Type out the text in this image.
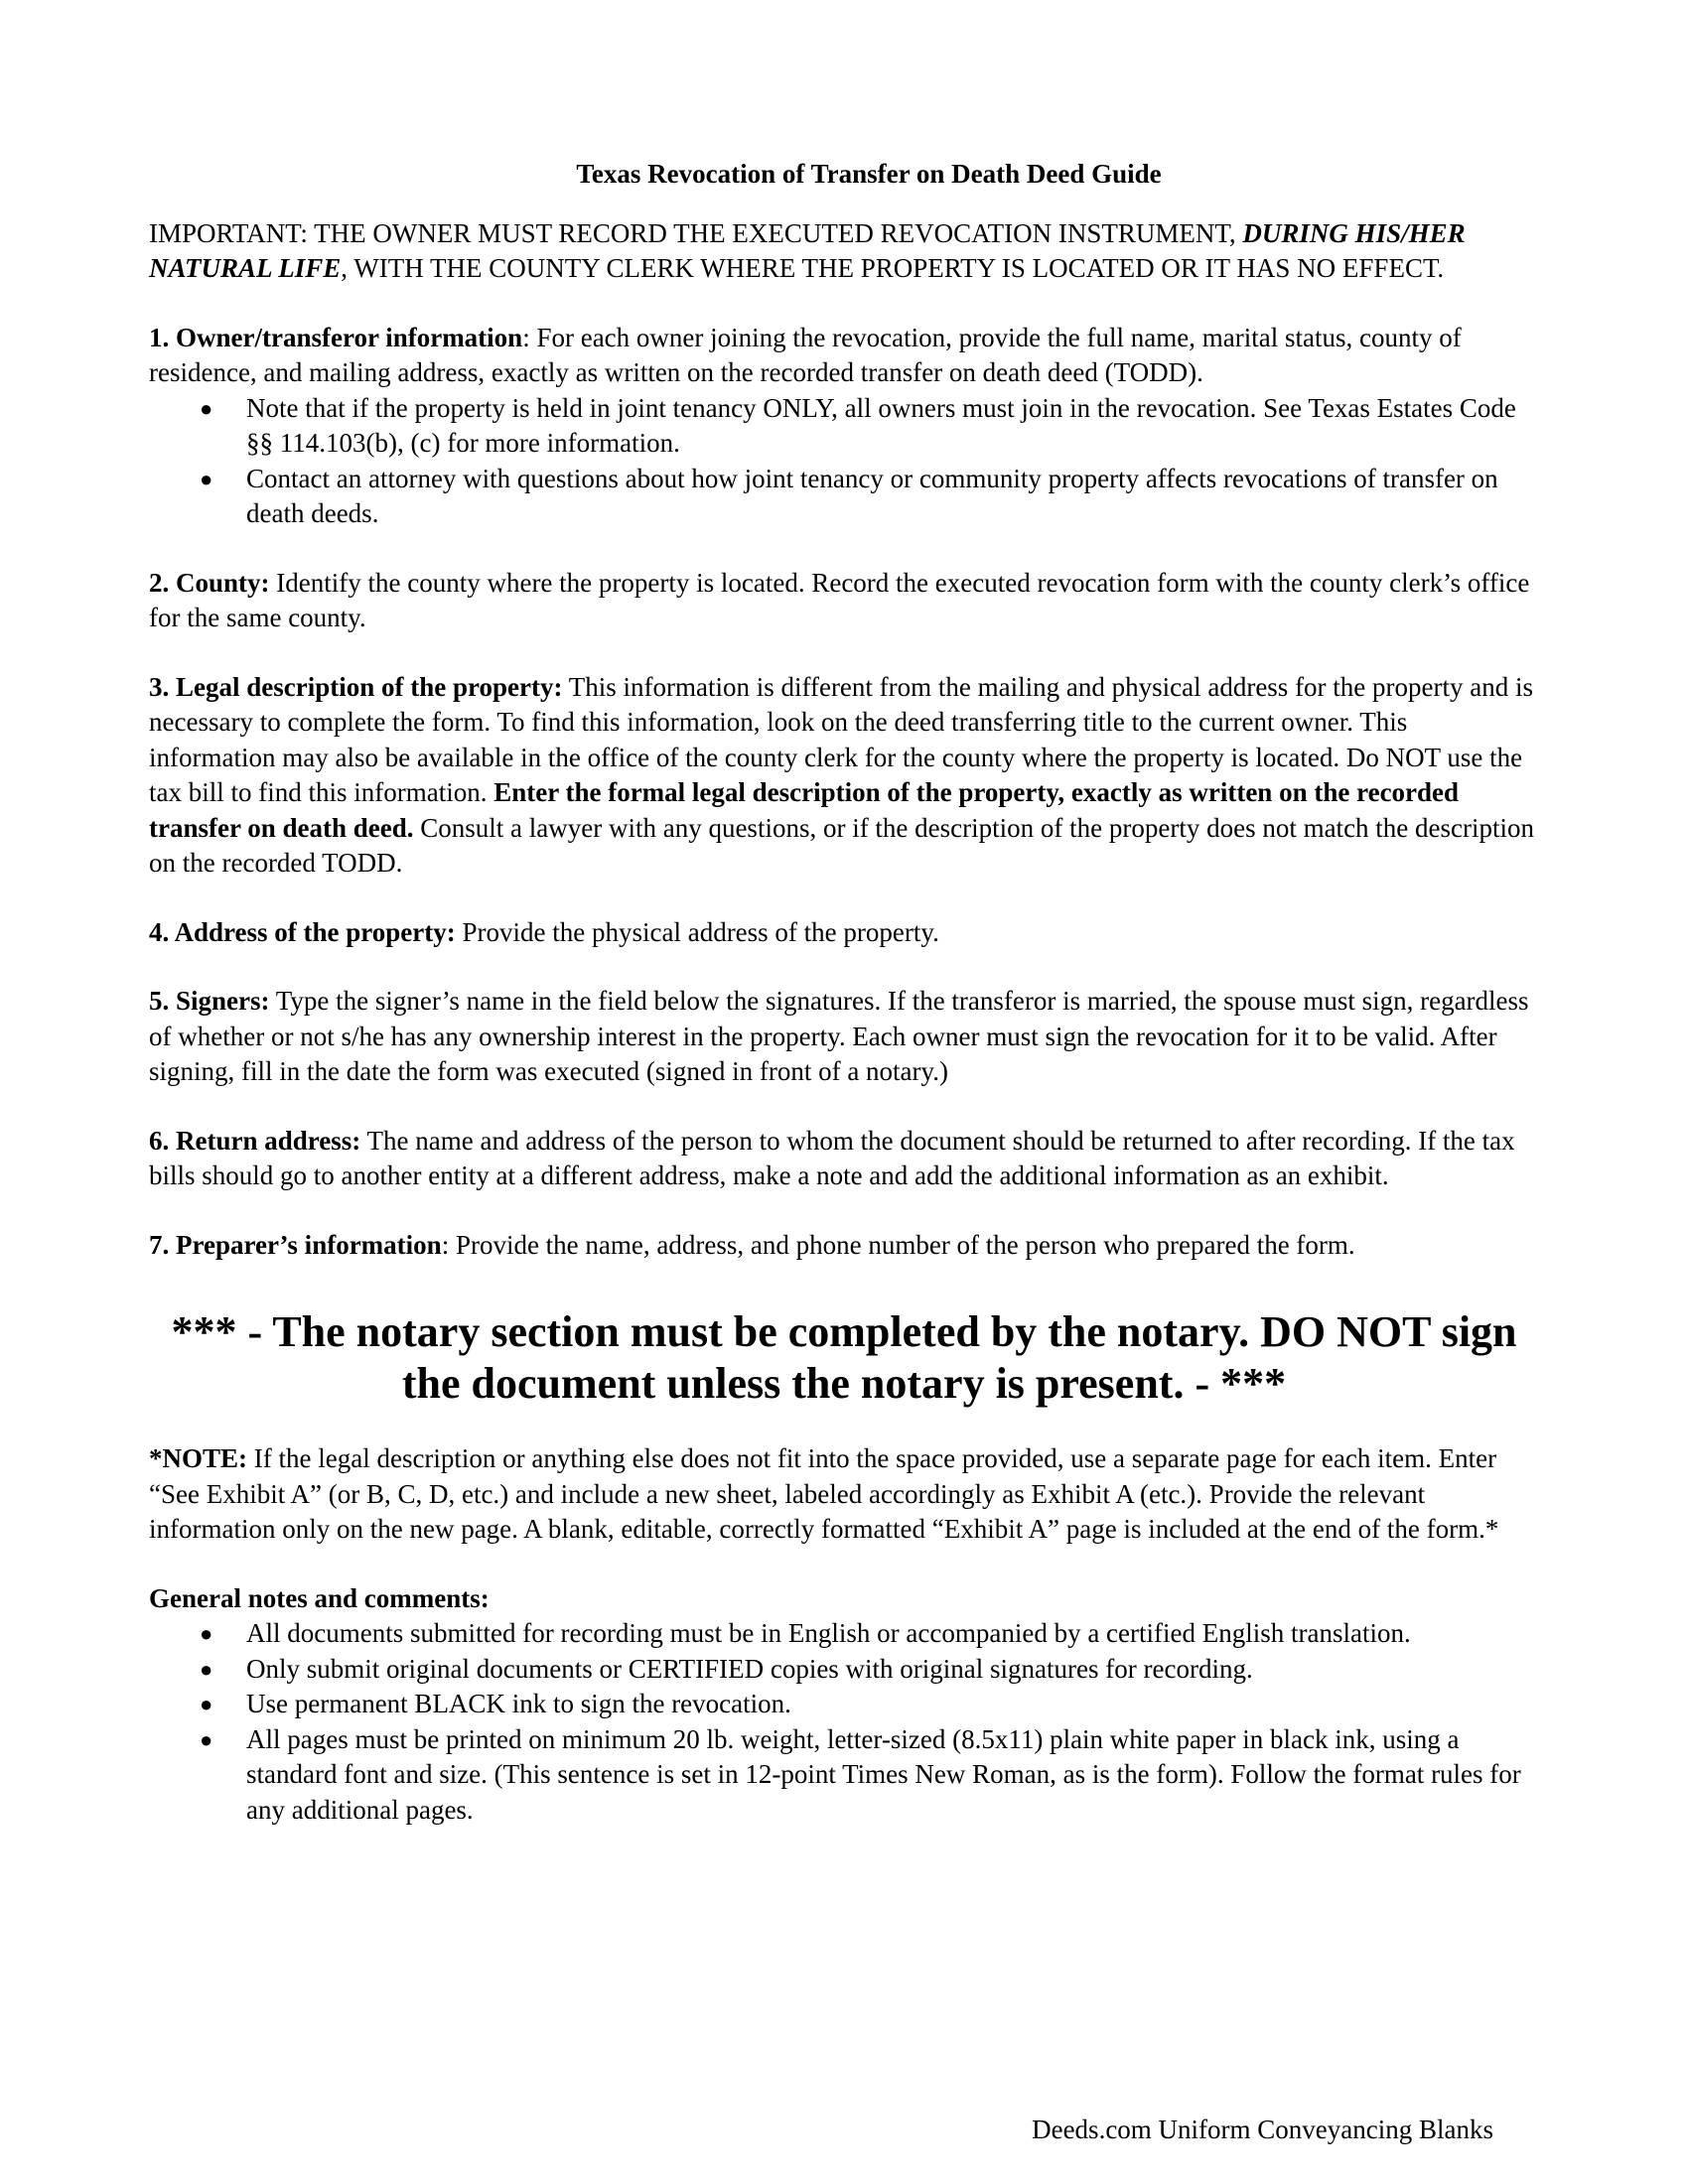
Texas Revocation of Transfer on Death Deed Guide

IMPORTANT: THE OWNER MUST RECORD THE EXECUTED REVOCATION INSTRUMENT, DURING HIS/HER NATURAL LIFE, WITH THE COUNTY CLERK WHERE THE PROPERTY IS LOCATED OR IT HAS NO EFFECT.

1. Owner/transferor information: For each owner joining the revocation, provide the full name, marital status, county of residence, and mailing address, exactly as written on the recorded transfer on death deed (TODD).
● Note that if the property is held in joint tenancy ONLY, all owners must join in the revocation. See Texas Estates Code §§ 114.103(b), (c) for more information.
● Contact an attorney with questions about how joint tenancy or community property affects revocations of transfer on death deeds.

2. County: Identify the county where the property is located. Record the executed revocation form with the county clerk’s office for the same county.

3. Legal description of the property: This information is different from the mailing and physical address for the property and is necessary to complete the form. To find this information, look on the deed transferring title to the current owner. This information may also be available in the office of the county clerk for the county where the property is located. Do NOT use the tax bill to find this information. Enter the formal legal description of the property, exactly as written on the recorded transfer on death deed. Consult a lawyer with any questions, or if the description of the property does not match the description on the recorded TODD.

4. Address of the property: Provide the physical address of the property.

5. Signers: Type the signer’s name in the field below the signatures. If the transferor is married, the spouse must sign, regardless of whether or not s/he has any ownership interest in the property. Each owner must sign the revocation for it to be valid. After signing, fill in the date the form was executed (signed in front of a notary.)

6. Return address: The name and address of the person to whom the document should be returned to after recording. If the tax bills should go to another entity at a different address, make a note and add the additional information as an exhibit.

7. Preparer’s information: Provide the name, address, and phone number of the person who prepared the form.

*** - The notary section must be completed by the notary. DO NOT sign the document unless the notary is present. - ***

*NOTE: If the legal description or anything else does not fit into the space provided, use a separate page for each item. Enter “See Exhibit A” (or B, C, D, etc.) and include a new sheet, labeled accordingly as Exhibit A (etc.). Provide the relevant information only on the new page. A blank, editable, correctly formatted “Exhibit A” page is included at the end of the form.*

General notes and comments:
● All documents submitted for recording must be in English or accompanied by a certified English translation.
● Only submit original documents or CERTIFIED copies with original signatures for recording.
● Use permanent BLACK ink to sign the revocation.
● All pages must be printed on minimum 20 lb. weight, letter-sized (8.5x11) plain white paper in black ink, using a standard font and size. (This sentence is set in 12-point Times New Roman, as is the form). Follow the format rules for any additional pages.
Deeds.com Uniform Conveyancing Blanks
